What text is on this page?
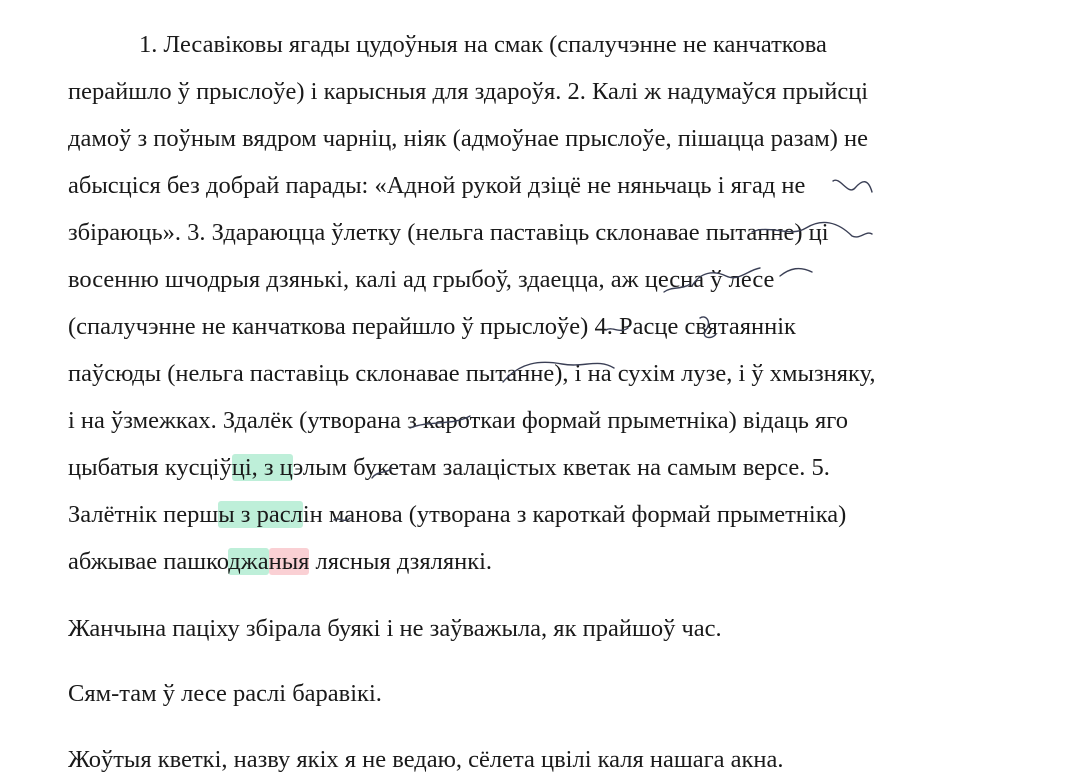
1. Лесавіковы ягады цудоўныя на смак (спалучэнне не канчаткова
перайшло ў прыслоўе) і карысныя для здароўя. 2. Калі ж надумаўся прыйсці
дамоў з поўным вядром чарніц, ніяк (адмоўнае прыслоўе, пішацца разам) не
абысціся без добрай парады: «Адной рукой дзіцё не няньчаць і ягад не
збіраюць». 3. Здараюцца ўлетку (нельга паставіць склонавае пытанне) ці
восенню шчодрыя дзянькі, калі ад грыбоў, здаецца, аж цесна ў лесе
(спалучэнне не канчаткова перайшло ў прыслоўе) 4. Расце святаяннік
паўсюды (нельга паставіць склонавае пытанне), і на сухім лузе, і ў хмызняку,
і на ўзмежках. Здалёк (утворана з кароткаи формай прыметніка) відаць яго
цыбатыя кусціўці, з цэлым букетам залацістых кветак на самым версе. 5.
Залётнік першы з раслін манова (утворана з кароткай формай прыметніка)
абжывае пашкоджаныя лясныя дзялянкі.
Жанчына пацiху збірала буякі і не заўважыла, як прайшоў час.
Сям-там ў лесе раслі баравікі.
Жоўтыя кветкі, назву якіх я не ведаю, сёлета цвілі каля нашага акна.
